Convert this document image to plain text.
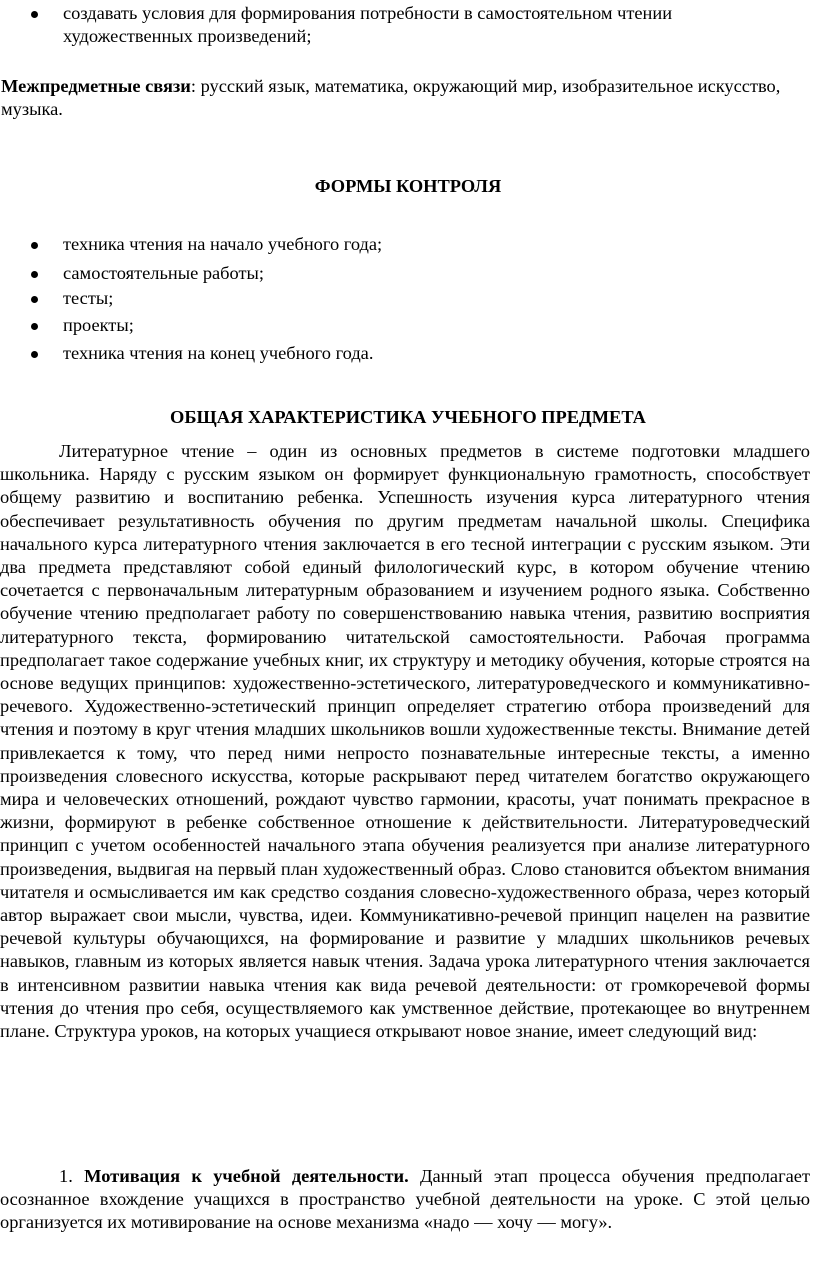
создавать условия для формирования потребности в самостоятельном чтении художественных произведений;
Межпредметные связи: русский язык, математика, окружающий мир, изобразительное искусство, музыка.
ФОРМЫ КОНТРОЛЯ
техника чтения на начало учебного года;
самостоятельные работы;
тесты;
проекты;
техника чтения на конец учебного года.
ОБЩАЯ ХАРАКТЕРИСТИКА УЧЕБНОГО ПРЕДМЕТА
Литературное чтение – один из основных предметов в системе подготовки младшего школьника. Наряду с русским языком он формирует функциональную грамотность, способствует общему развитию и воспитанию ребенка. Успешность изучения курса литературного чтения обеспечивает результативность обучения по другим предметам начальной школы. Специфика начального курса литературного чтения заключается в его тесной интеграции с русским языком. Эти два предмета представляют собой единый филологический курс, в котором обучение чтению сочетается с первоначальным литературным образованием и изучением родного языка. Собственно обучение чтению предполагает работу по совершенствованию навыка чтения, развитию восприятия литературного текста, формированию читательской самостоятельности. Рабочая программа предполагает такое содержание учебных книг, их структуру и методику обучения, которые строятся на основе ведущих принципов: художественно-эстетического, литературоведческого и коммуникативно-речевого. Художественно-эстетический принцип определяет стратегию отбора произведений для чтения и поэтому в круг чтения младших школьников вошли художественные тексты. Внимание детей привлекается к тому, что перед ними непросто познавательные интересные тексты, а именно произведения словесного искусства, которые раскрывают перед читателем богатство окружающего мира и человеческих отношений, рождают чувство гармонии, красоты, учат понимать прекрасное в жизни, формируют в ребенке собственное отношение к действительности. Литературоведческий принцип с учетом особенностей начального этапа обучения реализуется при анализе литературного произведения, выдвигая на первый план художественный образ. Слово становится объектом внимания читателя и осмысливается им как средство создания словесно-художественного образа, через который автор выражает свои мысли, чувства, идеи. Коммуникативно-речевой принцип нацелен на развитие речевой культуры обучающихся, на формирование и развитие у младших школьников речевых навыков, главным из которых является навык чтения. Задача урока литературного чтения заключается в интенсивном развитии навыка чтения как вида речевой деятельности: от громкоречевой формы чтения до чтения про себя, осуществляемого как умственное действие, протекающее во внутреннем плане. Структура уроков, на которых учащиеся открывают новое знание, имеет следующий вид:
1. Мотивация к учебной деятельности. Данный этап процесса обучения предполагает осознанное вхождение учащихся в пространство учебной деятельности на уроке. С этой целью организуется их мотивирование на основе механизма «надо — хочу — могу».
